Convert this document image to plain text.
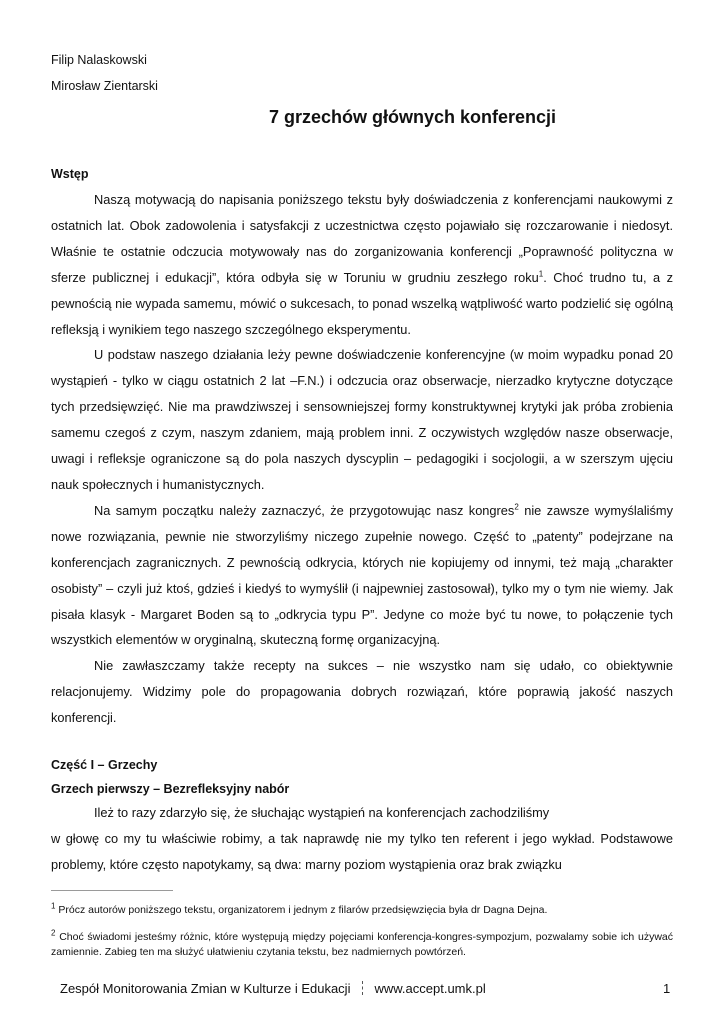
Filip Nalaskowski
Mirosław Zientarski
7 grzechów głównych konferencji
Wstęp

Naszą motywacją do napisania poniższego tekstu były doświadczenia z konferencjami naukowymi z ostatnich lat. Obok zadowolenia i satysfakcji z uczestnictwa często pojawiało się rozczarowanie i niedosyt. Właśnie te ostatnie odczucia motywowały nas do zorganizowania konferencji „Poprawność polityczna w sferze publicznej i edukacji”, która odbyła się w Toruniu w grudniu zeszłego roku$^1$. Choć trudno tu, a z pewnością nie wypada samemu, mówić o sukcesach, to ponad wszelką wątpliwość warto podzielić się ogólną refleksją i wynikiem tego naszego szczególnego eksperymentu.

U podstaw naszego działania leży pewne doświadczenie konferencyjne (w moim wypadku ponad 20 wystąpień - tylko w ciągu ostatnich 2 lat –F.N.) i odczucia oraz obserwacje, nierzadko krytyczne dotyczące tych przedsięwzięć. Nie ma prawdziwszej i sensowniejszej formy konstruktywnej krytyki jak próba zrobienia samemu czegoś z czym, naszym zdaniem, mają problem inni. Z oczywistych względów nasze obserwacje, uwagi i refleksje ograniczone są do pola naszych dyscyplin – pedagogiki i socjologii, a w szerszym ujęciu nauk społecznych i humanistycznych.

Na samym początku należy zaznaczyć, że przygotowując nasz kongres$^2$ nie zawsze wymyślaliśmy nowe rozwiązania, pewnie nie stworzyliśmy niczego zupełnie nowego. Część to „patenty” podejrzane na konferencjach zagranicznych. Z pewnością odkrycia, których nie kopiujemy od innymi, też mają „charakter osobisty” – czyli już ktoś, gdzieś i kiedyś to wymyślił (i najpewniej zastosował), tylko my o tym nie wiemy. Jak pisała klasyk - Margaret Boden są to „odkrycia typu P”. Jedyne co może być tu nowe, to połączenie tych wszystkich elementów w oryginalną, skuteczną formę organizacyjną.

Nie zawłaszczamy także recepty na sukces – nie wszystko nam się udało, co obiektywnie relacjonujemy. Widzimy pole do propagowania dobrych rozwiązań, które poprawią jakość naszych konferencji.

Część I – Grzechy
Grzech pierwszy – Bezrefleksyjny nabór

Ileż to razy zdarzyło się, że słuchając wystąpień na konferencjach zachodziliśmy

w głowę co my tu właściwie robimy, a tak naprawdę nie my tylko ten referent i jego wykład. Podstawowe problemy, które często napotykamy, są dwa: marny poziom wystąpienia oraz brak związku

$^1$ Prócz autorów poniższego tekstu, organizatorem i jednym z filarów przedsięwzięcia była dr Dagna Dejna.
$^2$ Choć świadomi jesteśmy różnic, które występują między pojęciami konferencja-kongres-sympozjum, pozwalamy sobie ich używać zamiennie. Zabieg ten ma służyć ułatwieniu czytania tekstu, bez nadmiernych powtórzeń.
Zespół Monitorowania Zmian w Kulturze i Edukacji www.accept.umk.pl	1
